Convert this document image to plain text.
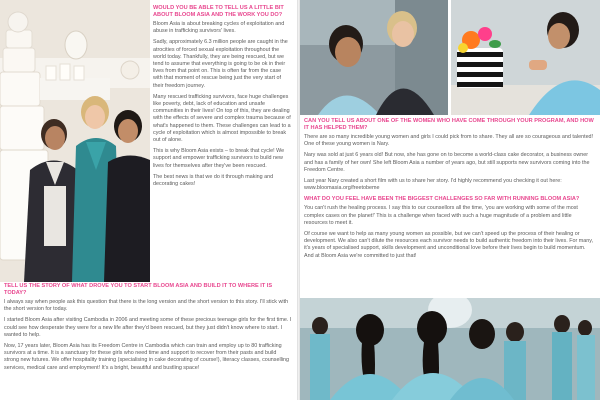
WOULD YOU BE ABLE TO TELL US A LITTLE BIT ABOUT BLOOM ASIA AND THE WORK YOU DO?
Bloom Asia is about breaking cycles of exploitation and abuse in trafficking survivors' lives.
Sadly, approximately 6.3 million people are caught in the atrocities of forced sexual exploitation throughout the world today. Thankfully, they are being rescued, but we tend to assume that everything is going to be ok in their lives from that point on. This is often far from the case with that moment of rescue being just the very start of their freedom journey.
Many rescued trafficking survivors, face huge challenges like poverty, debt, lack of education and unsafe communities in their lives! On top of this, they are dealing with the effects of severe and complex trauma because of what's happened to them. These challenges can lead to a cycle of exploitation which is almost impossible to break out of alone.
This is why Bloom Asia exists – to break that cycle! We support and empower trafficking survivors to build new lives for themselves after they've been rescued.
The best news is that we do it through making and decorating cakes!
TELL US THE STORY OF WHAT DROVE YOU TO START BLOOM ASIA AND BUILD IT TO WHERE IT IS TODAY?
I always say when people ask this question that there is the long version and the short version to this story. I'll stick with the short version for today.
I started Bloom Asia after visiting Cambodia in 2006 and meeting some of these precious teenage girls for the first time. I could see how desperate they were for a new life after they'd been rescued, but they just didn't know where to start. I wanted to help.
Now, 17 years later, Bloom Asia has its Freedom Centre in Cambodia which can train and employ up to 80 trafficking survivors at a time. It is a sanctuary for these girls who need time and support to recover from their pasts and build strong new futures. We offer hospitality training (specialising in cake decorating of course!), literacy classes, counselling services, medical care and employment! It's a bright, beautiful and bustling space!
CAN YOU TELL US ABOUT ONE OF THE WOMEN WHO HAVE COME THROUGH YOUR PROGRAM, AND HOW IT HAS HELPED THEM?
There are so many incredible young women and girls I could pick from to share. They all are so courageous and talented! One of these young women is Nary.
Nary was sold at just 6 years old! But now, she has gone on to become a world-class cake decorator, a business owner and has a family of her own! She left Bloom Asia a number of years ago, but still supports new survivors coming into the Freedom Centre.
Last year Nary created a short film with us to share her story. I'd highly recommend you checking it out here: www.bloomasia.org/freetobeme
WHAT DO YOU FEEL HAVE BEEN THE BIGGEST CHALLENGES SO FAR WITH RUNNING BLOOM ASIA?
You can't rush the healing process. I say this to our counsellors all the time, 'you are working with some of the most complex cases on the planet!' This is a challenge when faced with such a huge magnitude of a problem and little resources to meet it.
Of course we want to help as many young women as possible, but we can't speed up the process of their healing or development. We also can't dilute the resources each survivor needs to build authentic freedom into their lives. For many, it's years of specialised support, skills development and unconditional love before their lives begin to build momentum. And at Bloom Asia we're committed to just that!
